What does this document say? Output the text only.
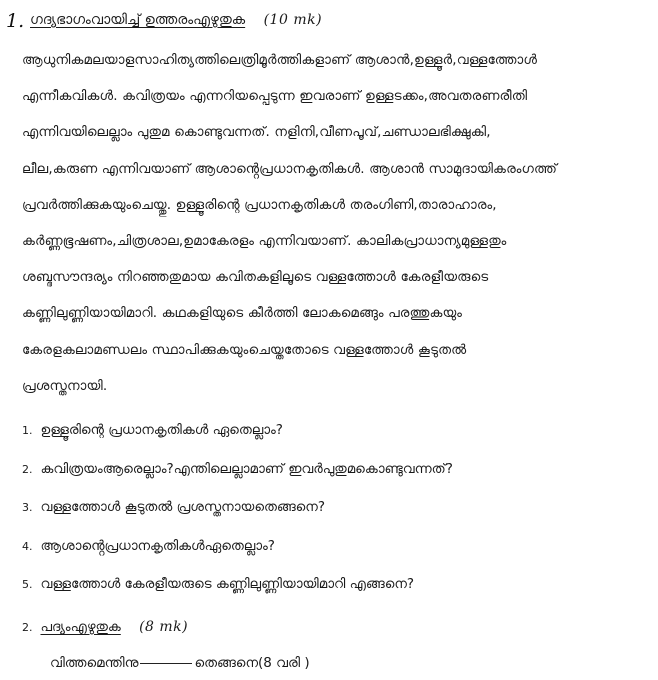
1. ഗദ്യഭാഗംവായിച്ച് ഉത്തരംഎഴുതുക (10 mk)

ആധുനികമലയാളസാഹിത്യത്തിലെത്രിമൂർത്തികളാണ് ആശാൻ,ഉള്ളൂർ,വള്ളത്തോൾ
എന്നീകവികൾ. കവിത്രയം എന്നറിയപ്പെടുന്ന ഇവരാണ് ഉള്ളടക്കം,അവതരണരീതി
എന്നിവയിലെല്ലാം പുതുമ കൊണ്ടുവന്നത്. നളിനി,വീണപൂവ്,ചണ്ഡാലഭിക്ഷുകി,
ലീല,കരുണ എന്നിവയാണ് ആശാൻ്റെപ്രധാനകൃതികൾ. ആശാൻ സാമുദായികരംഗത്ത്
പ്രവർത്തിക്കുകയുംചെയ്തു. ഉള്ളൂരിന്റെ പ്രധാനകൃതികൾ തരംഗിണി,താരാഹാരം,
കർണ്ണഭൂഷണം,ചിത്രശാല,ഉമാകേരളം എന്നിവയാണ്. കാലികപ്രാധാന്യമുള്ളതും
ശബ്ദസൗന്ദര്യം നിറഞ്ഞതുമായ കവിതകളിലൂടെ വള്ളത്തോൾ കേരളീയരുടെ
കണ്ണിലുണ്ണിയായിമാറി. കഥകളിയുടെ കീർത്തി ലോകമെങ്ങും പരത്തുകയും
കേരളകലാമണ്ഡലം സ്ഥാപിക്കുകയുംചെയ്തതോടെ വള്ളത്തോൾ കൂടുതൽ
പ്രശസ്തനായി.

1. ഉള്ളൂരിന്റെ പ്രധാനകൃതികൾ ഏതെല്ലാം?
2. കവിത്രയംആരെല്ലാം?എന്തിലെല്ലാമാണ് ഇവർപുതുമകൊണ്ടുവന്നത്?
3. വള്ളത്തോൾ കൂടുതൽ പ്രശസ്തനായതെങ്ങനെ?
4. ആശാൻ്റെപ്രധാനകൃതികൾഏതെല്ലാം?
5. വള്ളത്തോൾ കേരളീയരുടെ കണ്ണിലുണ്ണിയായിമാറി എങ്ങനെ?
2. പദ്യംഎഴുതുക (8 mk)
വിത്തമെന്തിനു	തെങ്ങനെ(8 വരി )
